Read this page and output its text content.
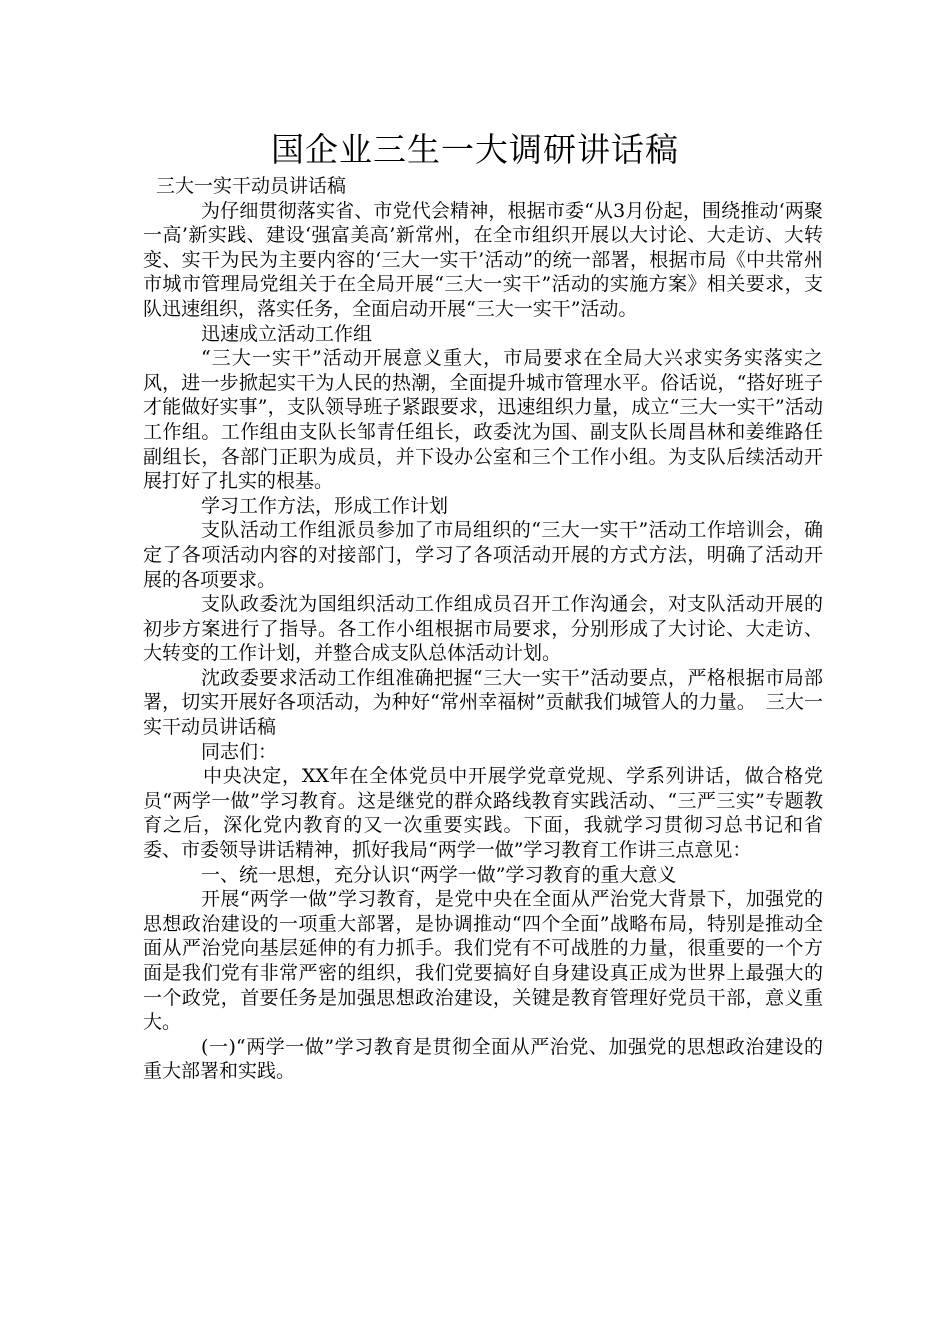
国企业三生一大调研讲话稿

三大一实干动员讲话稿

为仔细贯彻落实省、市党代会精神，根据市委“从3月份起，围绕推动‘两聚一高’新实践、建设‘强富美高’新常州，在全市组织开展以大讨论、大走访、大转变、实干为民为主要内容的‘三大一实干’活动”的统一部署，根据市局《中共常州市城市管理局党组关于在全局开展“三大一实干”活动的实施方案》相关要求，支队迅速组织，落实任务，全面启动开展“三大一实干”活动。

迅速成立活动工作组

“三大一实干”活动开展意义重大，市局要求在全局大兴求实务实落实之风，进一步掀起实干为人民的热潮，全面提升城市管理水平。俗话说，“搭好班子才能做好实事”，支队领导班子紧跟要求，迅速组织力量，成立“三大一实干”活动工作组。工作组由支队长邹青任组长，政委沈为国、副支队长周昌林和姜维路任副组长，各部门正职为成员，并下设办公室和三个工作小组。为支队后续活动开展打好了扎实的根基。

学习工作方法，形成工作计划

支队活动工作组派员参加了市局组织的“三大一实干”活动工作培训会，确定了各项活动内容的对接部门，学习了各项活动开展的方式方法，明确了活动开展的各项要求。

支队政委沈为国组织活动工作组成员召开工作沟通会，对支队活动开展的初步方案进行了指导。各工作小组根据市局要求，分别形成了大讨论、大走访、大转变的工作计划，并整合成支队总体活动计划。

沈政委要求活动工作组准确把握“三大一实干”活动要点，严格根据市局部署，切实开展好各项活动，为种好“常州幸福树”贡献我们城管人的力量。　三大一实干动员讲话稿

同志们：

中央决定，XX年在全体党员中开展学党章党规、学系列讲话，做合格党员“两学一做”学习教育。这是继党的群众路线教育实践活动、“三严三实”专题教育之后，深化党内教育的又一次重要实践。下面，我就学习贯彻习总书记和省委、市委领导讲话精神，抓好我局“两学一做”学习教育工作讲三点意见：

一、统一思想，充分认识“两学一做”学习教育的重大意义

开展“两学一做”学习教育，是党中央在全面从严治党大背景下，加强党的思想政治建设的一项重大部署，是协调推动“四个全面”战略布局，特别是推动全面从严治党向基层延伸的有力抓手。我们党有不可战胜的力量，很重要的一个方面是我们党有非常严密的组织，我们党要搞好自身建设真正成为世界上最强大的一个政党，首要任务是加强思想政治建设，关键是教育管理好党员干部，意义重大。

(一)“两学一做”学习教育是贯彻全面从严治党、加强党的思想政治建设的重大部署和实践。
